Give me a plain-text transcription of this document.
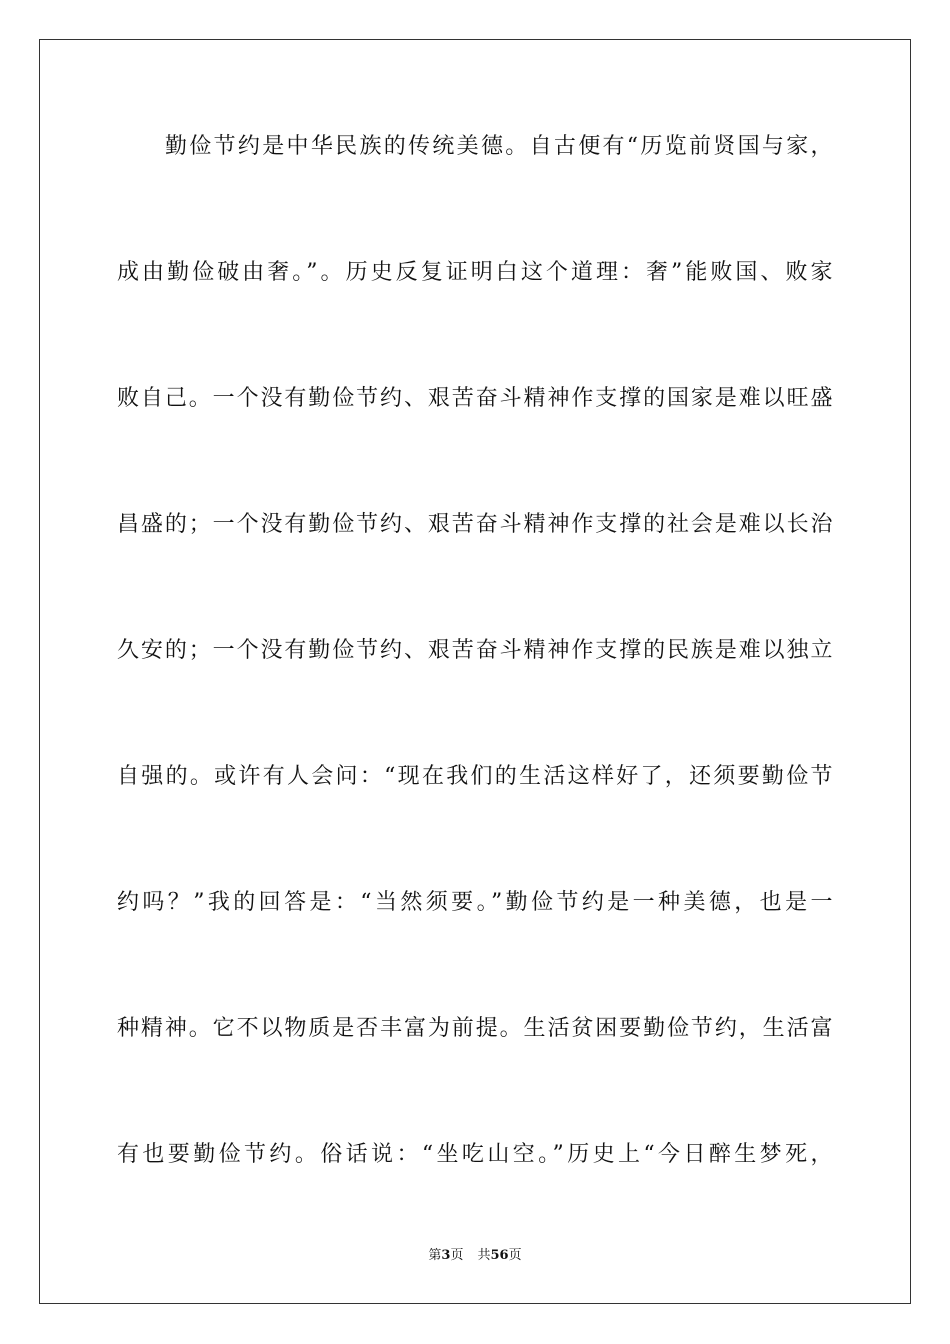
勤俭节约是中华民族的传统美德。自古便有“历览前贤国与家，

成由勤俭破由奢。”。历史反复证明白这个道理：奢”能败国、败家

败自己。一个没有勤俭节约、艰苦奋斗精神作支撑的国家是难以旺盛

昌盛的；一个没有勤俭节约、艰苦奋斗精神作支撑的社会是难以长治

久安的；一个没有勤俭节约、艰苦奋斗精神作支撑的民族是难以独立

自强的。或许有人会问：“现在我们的生活这样好了，还须要勤俭节

约吗？”我的回答是：“当然须要。”勤俭节约是一种美德，也是一

种精神。它不以物质是否丰富为前提。生活贫困要勤俭节约，生活富

有也要勤俭节约。俗话说：“坐吃山空。”历史上“今日醉生梦死，

第3页 共56页
